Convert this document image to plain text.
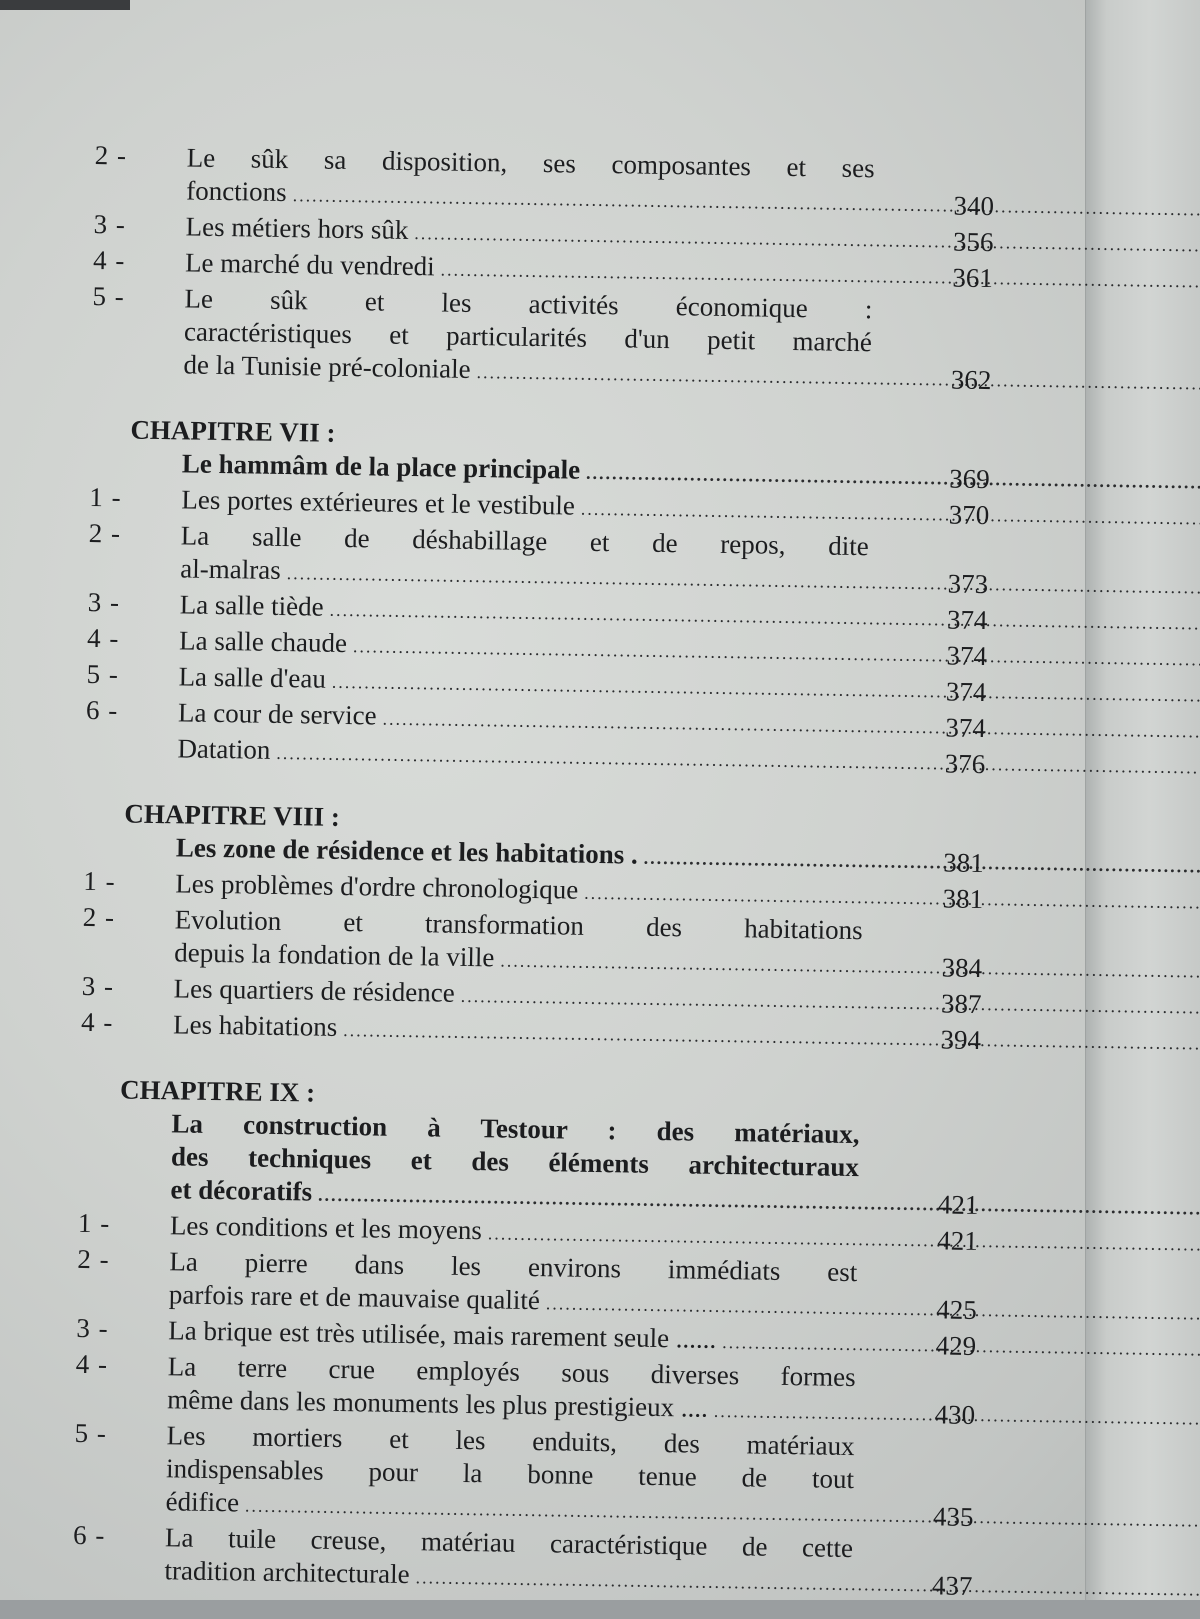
2 -	Le sûk sa disposition, ses composantes et ses
fonctions .....	340
3 -	Les métiers hors sûk .....	356
4 -	Le marché du vendredi .....	361
5 -	Le sûk et les activités économique :
caractéristiques et particularités d'un petit marché
de la Tunisie pré-coloniale .....	362
CHAPITRE VII :
Le hammâm de la place principale .....	369
1 -	Les portes extérieures et le vestibule .....	370
2 -	La salle de déshabillage et de repos, dite
al-malras .....	373
3 -	La salle tiède .....	374
4 -	La salle chaude .....	374
5 -	La salle d'eau .....	374
6 -	La cour de service .....	374
Datation .....	376
CHAPITRE VIII :
Les zone de résidence et les habitations . .....	381
1 -	Les problèmes d'ordre chronologique .....	381
2 -	Evolution et transformation des habitations
depuis la fondation de la ville .....	384
3 -	Les quartiers de résidence .....	387
4 -	Les habitations .....	394
CHAPITRE IX :
La construction à Testour : des matériaux,
des techniques et des éléments architecturaux
et décoratifs .....	421
1 -	Les conditions et les moyens .....	421
2 -	La pierre dans les environs immédiats est
parfois rare et de mauvaise qualité .....	425
3 -	La brique est très utilisée, mais rarement seule ...... .....	429
4 -	La terre crue employés sous diverses formes
même dans les monuments les plus prestigieux .... .....	430
5 -	Les mortiers et les enduits, des matériaux
indispensables pour la bonne tenue de tout
édifice .....	435
6 -	La tuile creuse, matériau caractéristique de cette
tradition architecturale .....	437
